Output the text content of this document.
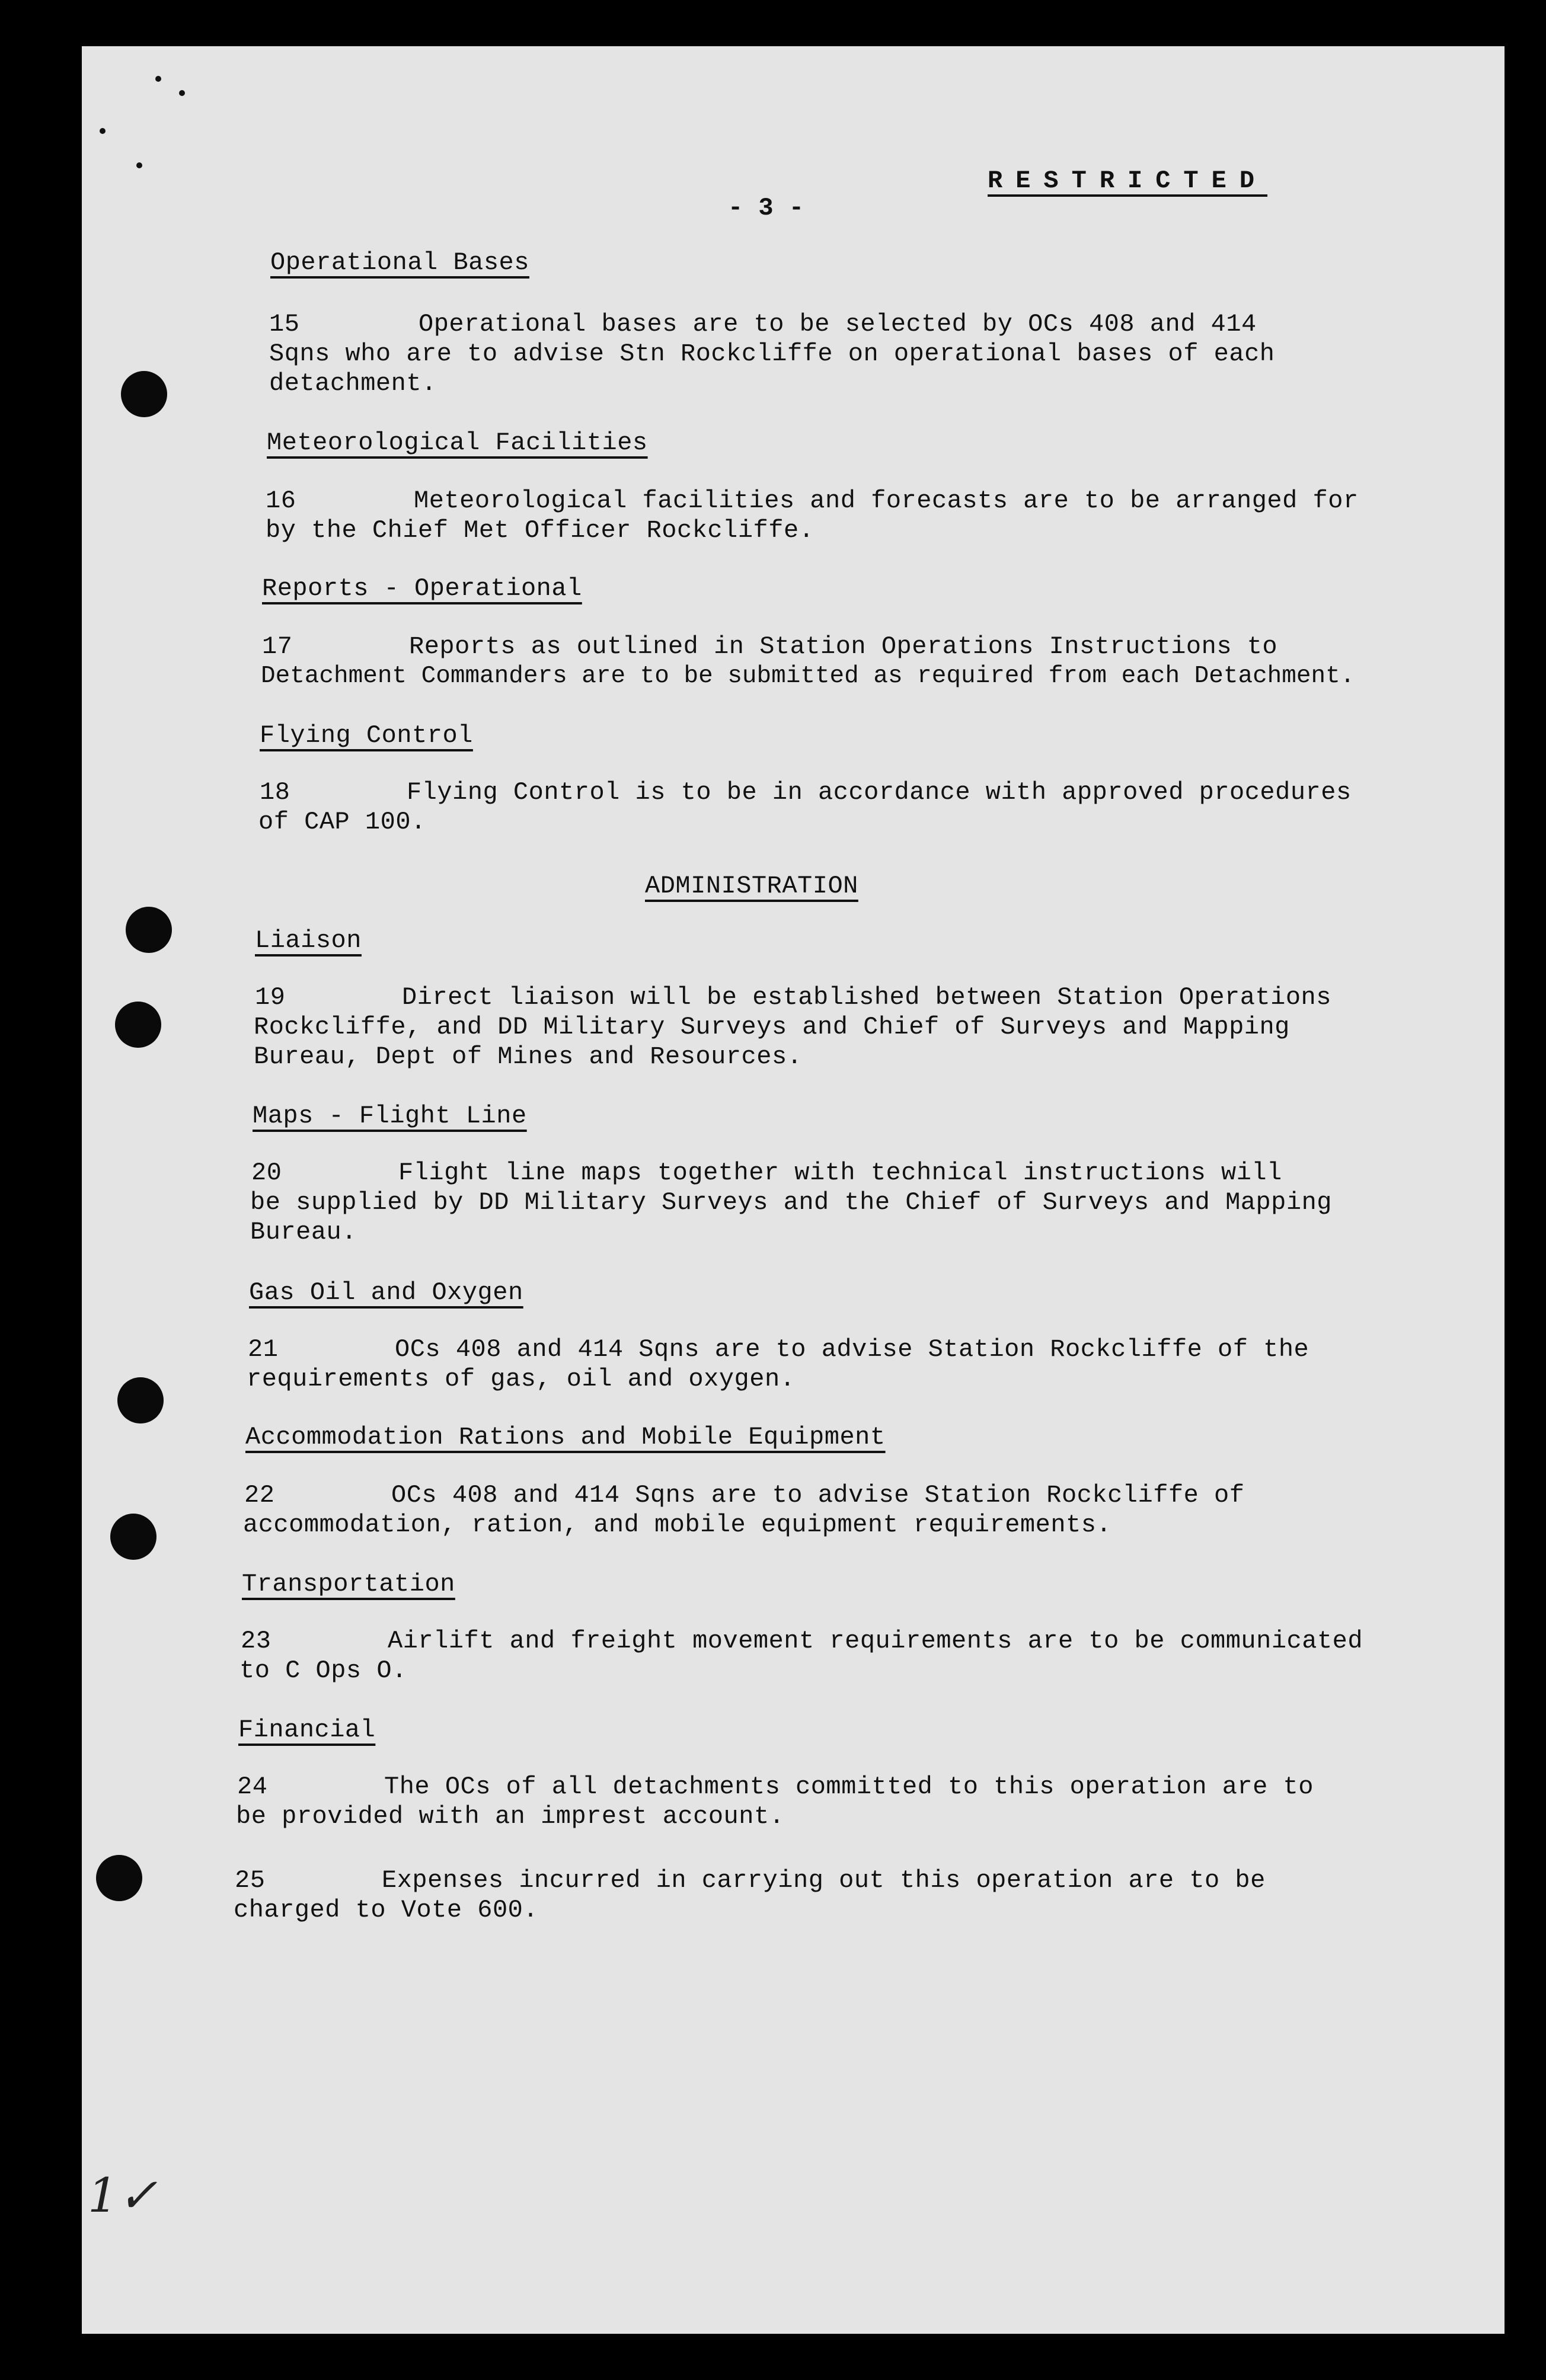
RESTRICTED
- 3 -
Operational Bases
15	Operational bases are to be selected by OCs 408 and 414
Sqns who are to advise Stn Rockcliffe on operational bases of each
detachment.
Meteorological Facilities
16	Meteorological facilities and forecasts are to be arranged for
by the Chief Met Officer Rockcliffe.
Reports - Operational
17	Reports as outlined in Station Operations Instructions to
Detachment Commanders are to be submitted as required from each Detachment.
Flying Control
18	Flying Control is to be in accordance with approved procedures
of CAP 100.
ADMINISTRATION
Liaison
19	Direct liaison will be established between Station Operations
Rockcliffe, and DD Military Surveys and Chief of Surveys and Mapping
Bureau, Dept of Mines and Resources.
Maps - Flight Line
20	Flight line maps together with technical instructions will
be supplied by DD Military Surveys and the Chief of Surveys and Mapping
Bureau.
Gas Oil and Oxygen
21	OCs 408 and 414 Sqns are to advise Station Rockcliffe of the
requirements of gas, oil and oxygen.
Accommodation Rations and Mobile Equipment
22	OCs 408 and 414 Sqns are to advise Station Rockcliffe of
accommodation, ration, and mobile equipment requirements.
Transportation
23	Airlift and freight movement requirements are to be communicated
to C Ops O.
Financial
24	The OCs of all detachments committed to this operation are to
be provided with an imprest account.
25	Expenses incurred in carrying out this operation are to be
charged to Vote 600.
1✓
